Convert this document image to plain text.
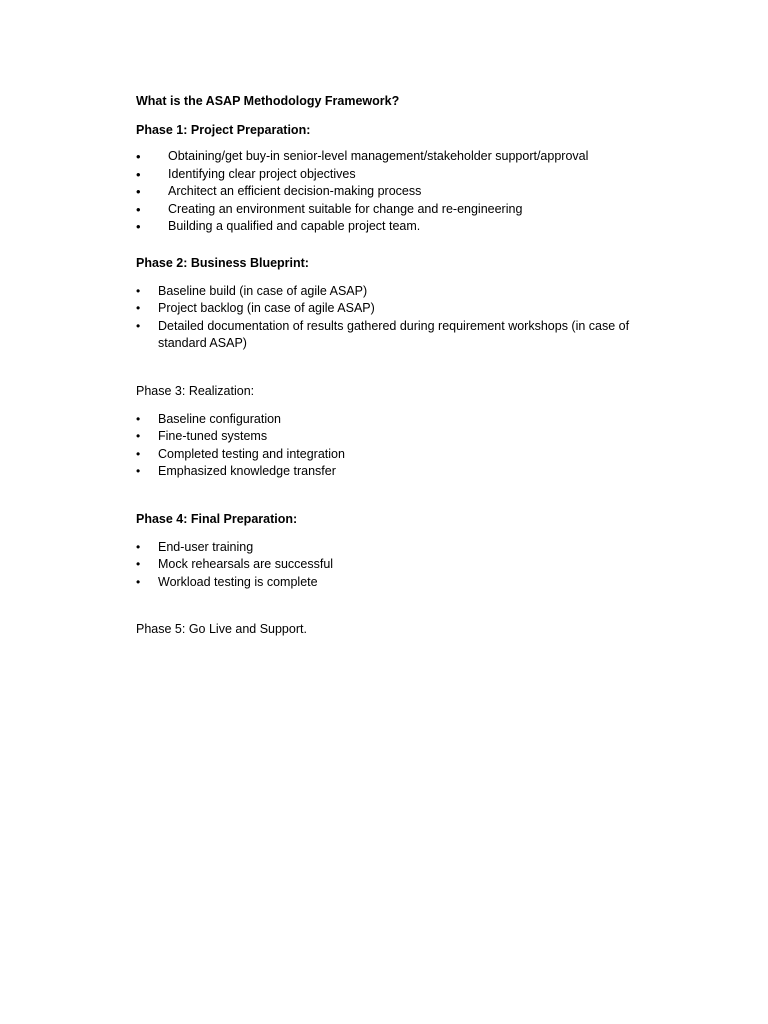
What is the ASAP Methodology Framework?

Phase 1: Project Preparation:

• Obtaining/get buy-in senior-level management/stakeholder support/approval
• Identifying clear project objectives
• Architect an efficient decision-making process
• Creating an environment suitable for change and re-engineering
• Building a qualified and capable project team.

Phase 2: Business Blueprint:

• Baseline build (in case of agile ASAP)
• Project backlog (in case of agile ASAP)
• Detailed documentation of results gathered during requirement workshops (in case of standard ASAP)

Phase 3: Realization:

• Baseline configuration
• Fine-tuned systems
• Completed testing and integration
• Emphasized knowledge transfer

Phase 4: Final Preparation:

• End-user training
• Mock rehearsals are successful
• Workload testing is complete

Phase 5: Go Live and Support.
